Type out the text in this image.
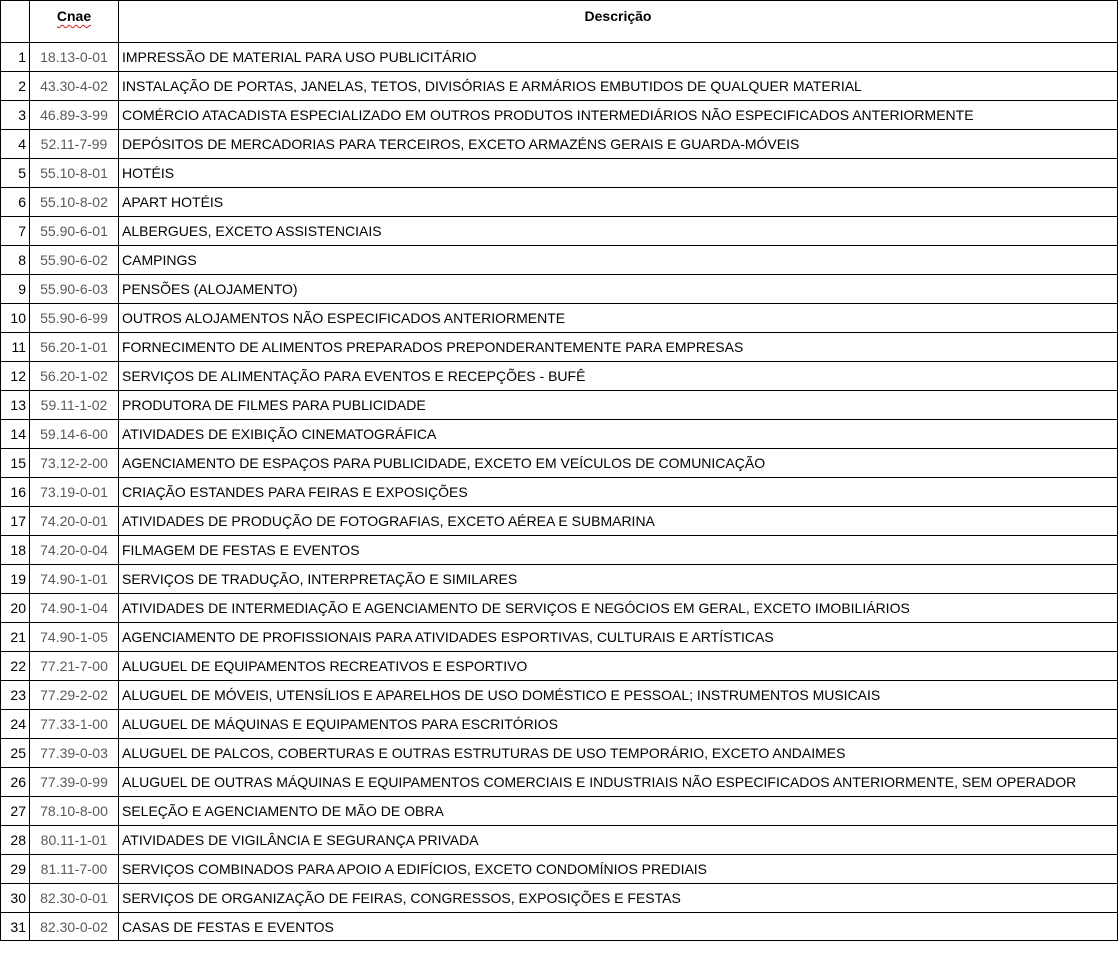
	Cnae	Descrição
1	18.13-0-01	IMPRESSÃO DE MATERIAL PARA USO PUBLICITÁRIO
2	43.30-4-02	INSTALAÇÃO DE PORTAS, JANELAS, TETOS, DIVISÓRIAS E ARMÁRIOS EMBUTIDOS DE QUALQUER MATERIAL
3	46.89-3-99	COMÉRCIO ATACADISTA ESPECIALIZADO EM OUTROS PRODUTOS INTERMEDIÁRIOS NÃO ESPECIFICADOS ANTERIORMENTE
4	52.11-7-99	DEPÓSITOS DE MERCADORIAS PARA TERCEIROS, EXCETO ARMAZÉNS GERAIS E GUARDA-MÓVEIS
5	55.10-8-01	HOTÉIS
6	55.10-8-02	APART HOTÉIS
7	55.90-6-01	ALBERGUES, EXCETO ASSISTENCIAIS
8	55.90-6-02	CAMPINGS
9	55.90-6-03	PENSÕES (ALOJAMENTO)
10	55.90-6-99	OUTROS ALOJAMENTOS NÃO ESPECIFICADOS ANTERIORMENTE
11	56.20-1-01	FORNECIMENTO DE ALIMENTOS PREPARADOS PREPONDERANTEMENTE PARA EMPRESAS
12	56.20-1-02	SERVIÇOS DE ALIMENTAÇÃO PARA EVENTOS E RECEPÇÕES - BUFÊ
13	59.11-1-02	PRODUTORA DE FILMES PARA PUBLICIDADE
14	59.14-6-00	ATIVIDADES DE EXIBIÇÃO CINEMATOGRÁFICA
15	73.12-2-00	AGENCIAMENTO DE ESPAÇOS PARA PUBLICIDADE, EXCETO EM VEÍCULOS DE COMUNICAÇÃO
16	73.19-0-01	CRIAÇÃO ESTANDES PARA FEIRAS E EXPOSIÇÕES
17	74.20-0-01	ATIVIDADES DE PRODUÇÃO DE FOTOGRAFIAS, EXCETO AÉREA E SUBMARINA
18	74.20-0-04	FILMAGEM DE FESTAS E EVENTOS
19	74.90-1-01	SERVIÇOS DE TRADUÇÃO, INTERPRETAÇÃO E SIMILARES
20	74.90-1-04	ATIVIDADES DE INTERMEDIAÇÃO E AGENCIAMENTO DE SERVIÇOS E NEGÓCIOS EM GERAL, EXCETO IMOBILIÁRIOS
21	74.90-1-05	AGENCIAMENTO DE PROFISSIONAIS PARA ATIVIDADES ESPORTIVAS, CULTURAIS E ARTÍSTICAS
22	77.21-7-00	ALUGUEL DE EQUIPAMENTOS RECREATIVOS E ESPORTIVO
23	77.29-2-02	ALUGUEL DE MÓVEIS, UTENSÍLIOS E APARELHOS DE USO DOMÉSTICO E PESSOAL; INSTRUMENTOS MUSICAIS
24	77.33-1-00	ALUGUEL DE MÁQUINAS E EQUIPAMENTOS PARA ESCRITÓRIOS
25	77.39-0-03	ALUGUEL DE PALCOS, COBERTURAS E OUTRAS ESTRUTURAS DE USO TEMPORÁRIO, EXCETO ANDAIMES
26	77.39-0-99	ALUGUEL DE OUTRAS MÁQUINAS E EQUIPAMENTOS COMERCIAIS E INDUSTRIAIS NÃO ESPECIFICADOS ANTERIORMENTE, SEM OPERADOR
27	78.10-8-00	SELEÇÃO E AGENCIAMENTO DE MÃO DE OBRA
28	80.11-1-01	ATIVIDADES DE VIGILÂNCIA E SEGURANÇA PRIVADA
29	81.11-7-00	SERVIÇOS COMBINADOS PARA APOIO A EDIFÍCIOS, EXCETO CONDOMÍNIOS PREDIAIS
30	82.30-0-01	SERVIÇOS DE ORGANIZAÇÃO DE FEIRAS, CONGRESSOS, EXPOSIÇÕES E FESTAS
31	82.30-0-02	CASAS DE FESTAS E EVENTOS
